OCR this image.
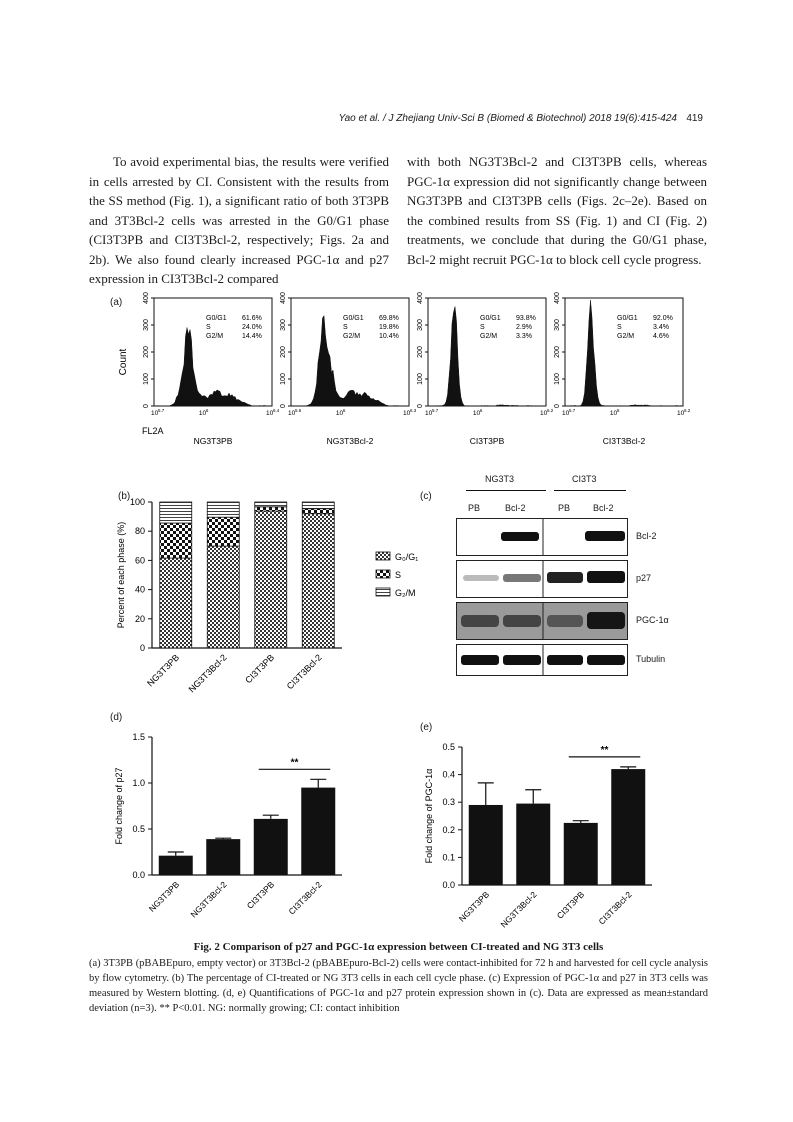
Yao et al. / J Zhejiang Univ-Sci B (Biomed & Biotechnol) 2018 19(6):415-424 419

To avoid experimental bias, the results were verified in cells arrested by CI. Consistent with the results from the SS method (Fig. 1), a significant ratio of both 3T3PB and 3T3Bcl-2 cells was arrested in the G0/G1 phase (CI3T3PB and CI3T3Bcl-2, respectively; Figs. 2a and 2b). We also found clearly increased PGC-1α and p27 expression in CI3T3Bcl-2 compared

with both NG3T3Bcl-2 and CI3T3PB cells, whereas PGC-1α expression did not significantly change between NG3T3PB and CI3T3PB cells (Figs. 2c–2e). Based on the combined results from SS (Fig. 1) and CI (Fig. 2) treatments, we conclude that during the G0/G1 phase, Bcl-2 might recruit PGC-1α to block cell cycle progress.

(a)
(b)	(c)
(d)
(e)
Count
FL2A
0
100
200
300
400
G0/G1 61.6%
S	24.0%
G2/M	14.4%
10 5.7	10 6	10 6.4
NG3T3PB
0
100
200
300
400
G0/G1 69.8%
S	19.8%
G2/M	10.4%
10 5.6	10 6	10 6.3
NG3T3Bcl-2
0
100
200
300
400
G0/G1 93.8%
S	2.9%
G2/M	3.3%
10 5.7	10 6	10 6.2
CI3T3PB
0
100
200
300
400
G0/G1 92.0%
S	3.4%
G2/M	4.6%
10 5.7	10 6	10 6.2
CI3T3Bcl-2
0
20
40
60
80
100
Percent of each phase (%)
NG3T3PB NG3T3Bcl-2 CI3T3PB CI3T3Bcl-2
G₀/G₁
S
G₂/M
NG3T3	CI3T3
PB	Bcl-2	PB	Bcl-2
Bcl-2
p27
PGC-1α
Tubulin
0.0
0.5
1.0
1.5
Fold change of p27
NG3T3PB NG3T3Bcl-2 CI3T3PB CI3T3Bcl-2
**
0.0
0.1
0.2
0.3
0.4
0.5
Fold change of PGC-1α
NG3T3PB NG3T3Bcl-2 CI3T3PB CI3T3Bcl-2
**
Fig. 2 Comparison of p27 and PGC-1α expression between CI-treated and NG 3T3 cells
(a) 3T3PB (pBABEpuro, empty vector) or 3T3Bcl-2 (pBABEpuro-Bcl-2) cells were contact-inhibited for 72 h and harvested for cell cycle analysis by flow cytometry. (b) The percentage of CI-treated or NG 3T3 cells in each cell cycle phase. (c) Expression of PGC-1α and p27 in 3T3 cells was measured by Western blotting. (d, e) Quantifications of PGC-1α and p27 protein expression shown in (c). Data are expressed as mean±standard deviation (n=3). ** P<0.01. NG: normally growing; CI: contact inhibition
